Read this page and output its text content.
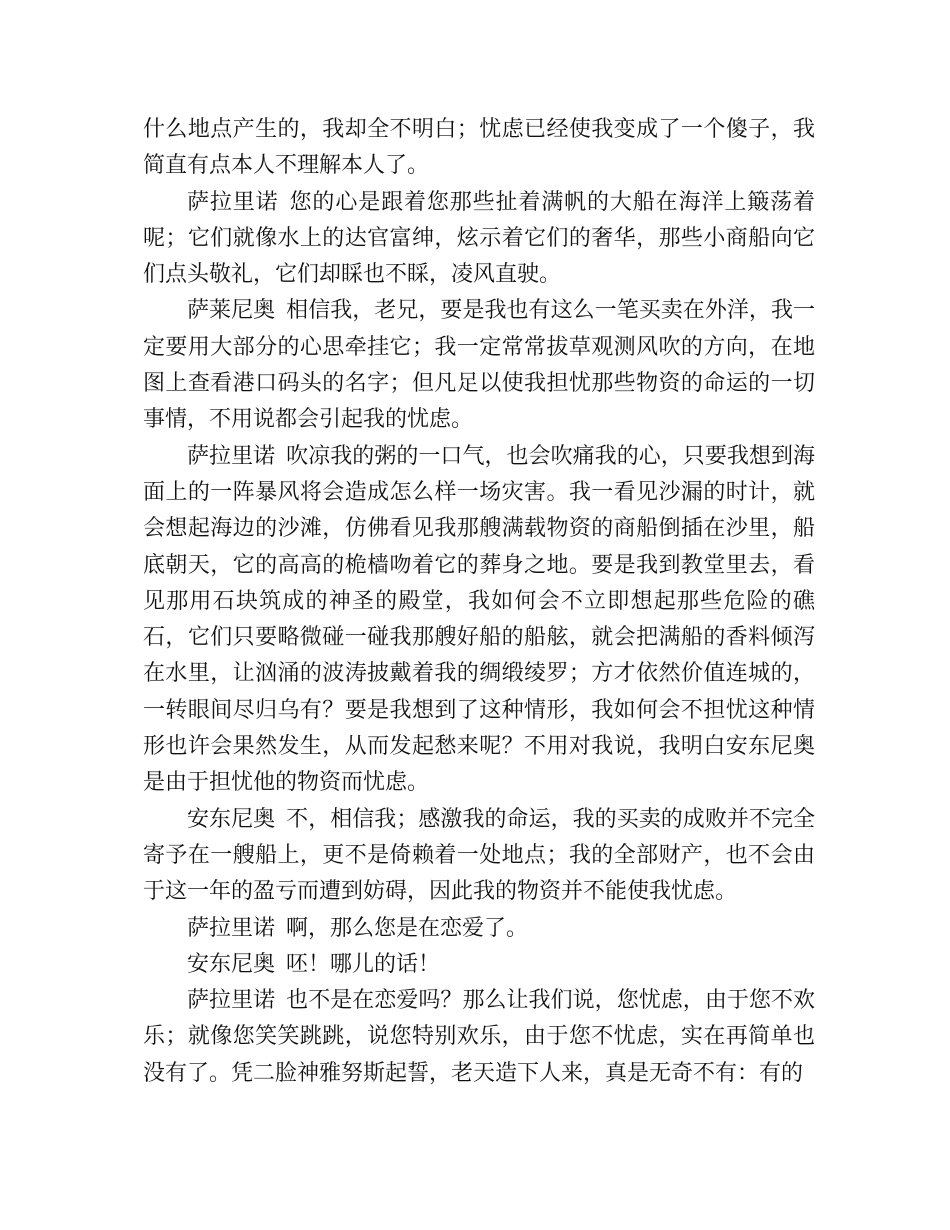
什么地点产生的，我却全不明白；忧虑已经使我变成了一个傻子，我简直有点本人不理解本人了。

萨拉里诺 您的心是跟着您那些扯着满帆的大船在海洋上簸荡着呢；它们就像水上的达官富绅，炫示着它们的奢华，那些小商船向它们点头敬礼，它们却睬也不睬，凌风直驶。

萨莱尼奥 相信我，老兄，要是我也有这么一笔买卖在外洋，我一定要用大部分的心思牵挂它；我一定常常拔草观测风吹的方向，在地图上查看港口码头的名字；但凡足以使我担忧那些物资的命运的一切事情，不用说都会引起我的忧虑。

萨拉里诺 吹凉我的粥的一口气，也会吹痛我的心，只要我想到海面上的一阵暴风将会造成怎么样一场灾害。我一看见沙漏的时计，就会想起海边的沙滩，仿佛看见我那艘满载物资的商船倒插在沙里，船底朝天，它的高高的桅樯吻着它的葬身之地。要是我到教堂里去，看见那用石块筑成的神圣的殿堂，我如何会不立即想起那些危险的礁石，它们只要略微碰一碰我那艘好船的船舷，就会把满船的香料倾泻在水里，让汹涌的波涛披戴着我的绸缎绫罗；方才依然价值连城的，一转眼间尽归乌有？要是我想到了这种情形，我如何会不担忧这种情形也许会果然发生，从而发起愁来呢？不用对我说，我明白安东尼奥是由于担忧他的物资而忧虑。

安东尼奥 不，相信我；感激我的命运，我的买卖的成败并不完全寄予在一艘船上，更不是倚赖着一处地点；我的全部财产，也不会由于这一年的盈亏而遭到妨碍，因此我的物资并不能使我忧虑。

萨拉里诺 啊，那么您是在恋爱了。

安东尼奥 呸！哪儿的话！

萨拉里诺 也不是在恋爱吗？那么让我们说，您忧虑，由于您不欢乐；就像您笑笑跳跳，说您特别欢乐，由于您不忧虑，实在再简单也没有了。凭二脸神雅努斯起誓，老天造下人来，真是无奇不有：有的
